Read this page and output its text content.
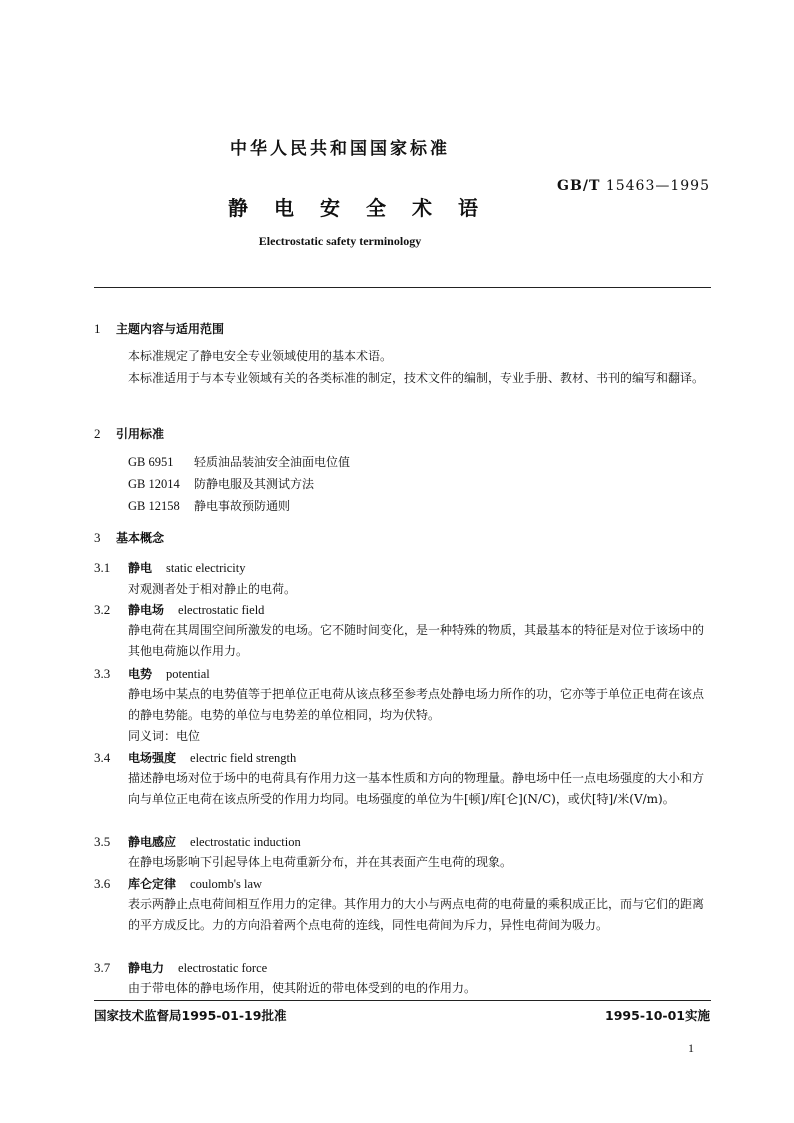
中华人民共和国国家标准
GB/T 15463—1995
静电安全术语
Electrostatic safety terminology
1 主题内容与适用范围
本标准规定了静电安全专业领域使用的基本术语。
本标准适用于与本专业领域有关的各类标准的制定，技术文件的编制，专业手册、教材、书刊的编写和翻译。
2 引用标准
GB 6951 轻质油品装油安全油面电位值
GB 12014 防静电服及其测试方法
GB 12158 静电事故预防通则
3 基本概念
3.1 静电 static electricity
对观测者处于相对静止的电荷。
3.2 静电场 electrostatic field
静电荷在其周围空间所激发的电场。它不随时间变化，是一种特殊的物质，其最基本的特征是对位于该场中的其他电荷施以作用力。
3.3 电势 potential
静电场中某点的电势值等于把单位正电荷从该点移至参考点处静电场力所作的功，它亦等于单位正电荷在该点的静电势能。电势的单位与电势差的单位相同，均为伏特。
同义词：电位
3.4 电场强度 electric field strength
描述静电场对位于场中的电荷具有作用力这一基本性质和方向的物理量。静电场中任一点电场强度的大小和方向与单位正电荷在该点所受的作用力均同。电场强度的单位为牛[顿]/库[仑](N/C)，或伏[特]/米(V/m)。
3.5 静电感应 electrostatic induction
在静电场影响下引起导体上电荷重新分布，并在其表面产生电荷的现象。
3.6 库仑定律 coulomb's law
表示两静止点电荷间相互作用力的定律。其作用力的大小与两点电荷的电荷量的乘积成正比，而与它们的距离的平方成反比。力的方向沿着两个点电荷的连线，同性电荷间为斥力，异性电荷间为吸力。
3.7 静电力 electrostatic force
由于带电体的静电场作用，使其附近的带电体受到的电的作用力。
国家技术监督局1995-01-19批准	1995-10-01实施
1
